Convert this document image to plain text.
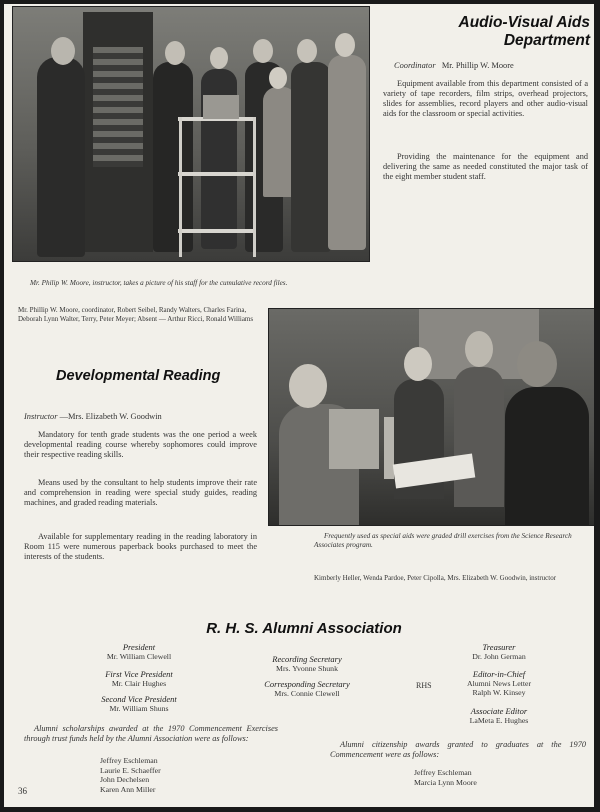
Audio-Visual Aids Department
Coordinator Mr. Phillip W. Moore
Equipment available from this department consisted of a variety of tape recorders, film strips, overhead projectors, slides for assemblies, record players and other audio-visual aids for the classroom or special activities.
Providing the maintenance for the equipment and delivering the same as needed constituted the major task of the eight member student staff.
Mr. Philip W. Moore, instructor, takes a picture of his staff for the cumulative record files.
Mr. Phillip W. Moore, coordinator, Robert Seibel, Randy Walters, Charles Farina, Deborah Lynn Walter, Terry, Peter Meyer; Absent — Arthur Ricci, Ronald Williams
Developmental Reading
Instructor —Mrs. Elizabeth W. Goodwin
Mandatory for tenth grade students was the one period a week developmental reading course whereby sophomores could improve their respective reading skills.
Means used by the consultant to help students improve their rate and comprehension in reading were special study guides, reading machines, and graded reading materials.
Available for supplementary reading in the reading laboratory in Room 115 were numerous paperback books purchased to meet the interests of the students.
Frequently used as special aids were graded drill exercises from the Science Research Associates program.
Kimberly Heller, Wenda Pardoe, Peter Cipolla, Mrs. Elizabeth W. Goodwin, instructor
R. H. S. Alumni Association
President
Mr. William Clewell
First Vice President
Mr. Clair Hughes
Second Vice President
Mr. William Shuns
Recording Secretary
Mrs. Yvonne Shunk
Corresponding Secretary
Mrs. Connie Clewell
Treasurer
Dr. John German
Editor-in-Chief
Alumni News Letter
Ralph W. Kinsey
RHS
Associate Editor
LaMeta E. Hughes
Alumni scholarships awarded at the 1970 Commencement Exercises through trust funds held by the Alumni Association were as follows:
Jeffrey Eschleman
Laurie E. Schaeffer
John Dechelsen
Karen Ann Miller
Alumni citizenship awards granted to graduates at the 1970 Commencement were as follows:
Jeffrey Eschleman
Marcia Lynn Moore
36
